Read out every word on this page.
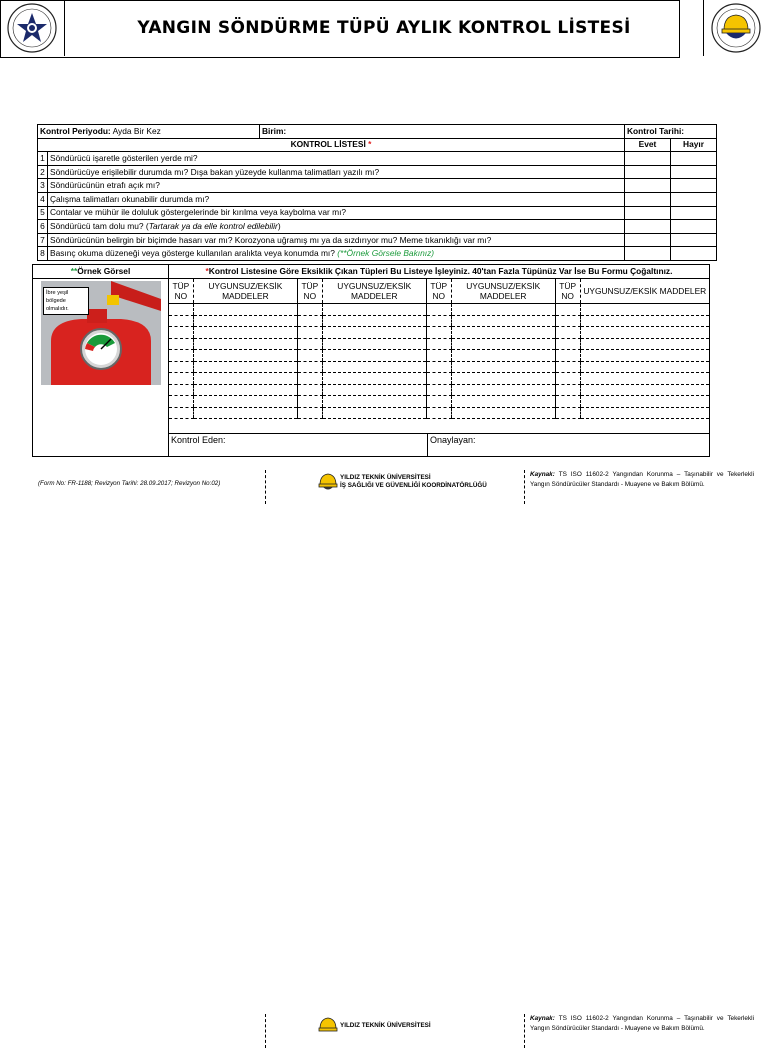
YANGIN SÖNDÜRME TÜPÜ AYLIK KONTROL LİSTESİ
Kontrol Periyodu: Ayda Bir Kez		Birim:	Kontrol Tarihi:	
KONTROL LİSTESİ *			Evet	Hayır
1	Söndürücü işaretle gösterilen yerde mi?			
2	Söndürücüye erişilebilir durumda mı? Dışa bakan yüzeyde kullanma talimatları yazılı mı?			
3	Söndürücünün etrafı açık mı?			
4	Çalışma talimatları okunabilir durumda mı?			
5	Contalar ve mühür ile doluluk göstergelerinde bir kırılma veya kaybolma var mı?			
6	Söndürücü tam dolu mu? (Tartarak ya da elle kontrol edilebilir)			
7	Söndürücünün belirgin bir biçimde hasarı var mı? Korozyona uğramış mı ya da sızdırıyor mu? Meme tıkanıklığı var mı?			
8	Basınç okuma düzeneği veya gösterge kullanılan aralıkta veya konumda mı? (**Örnek Görsele Bakınız)			
**Örnek Görsel
İbre yeşil bölgede olmalıdır.
*Kontrol Listesine Göre Eksiklik Çıkan Tüpleri Bu Listeye İşleyiniz. 40'tan Fazla Tüpünüz Var İse Bu Formu Çoğaltınız.
TÜP NO	UYGUNSUZ/EKSİK MADDELER	TÜP NO	UYGUNSUZ/EKSİK MADDELER	TÜP NO	UYGUNSUZ/EKSİK MADDELER	TÜP NO	UYGUNSUZ/EKSİK MADDELER

Kontrol Eden:	Onaylayan:
(Form No: FR-1188; Revizyon Tarihi: 28.09.2017; Revizyon No:02)
YILDIZ TEKNİK ÜNİVERSİTESİ
İŞ SAĞLIĞI VE GÜVENLİĞİ KOORDİNATÖRLÜĞÜ
Kaynak: TS ISO 11602-2 Yangından Korunma – Taşınabilir ve Tekerlekli Yangın Söndürücüler Standardı - Muayene ve Bakım Bölümü.
YILDIZ TEKNİK ÜNİVERSİTESİ
Kaynak: TS ISO 11602-2 Yangından Korunma – Taşınabilir ve Tekerlekli Yangın Söndürücüler Standardı - Muayene ve Bakım Bölümü.
